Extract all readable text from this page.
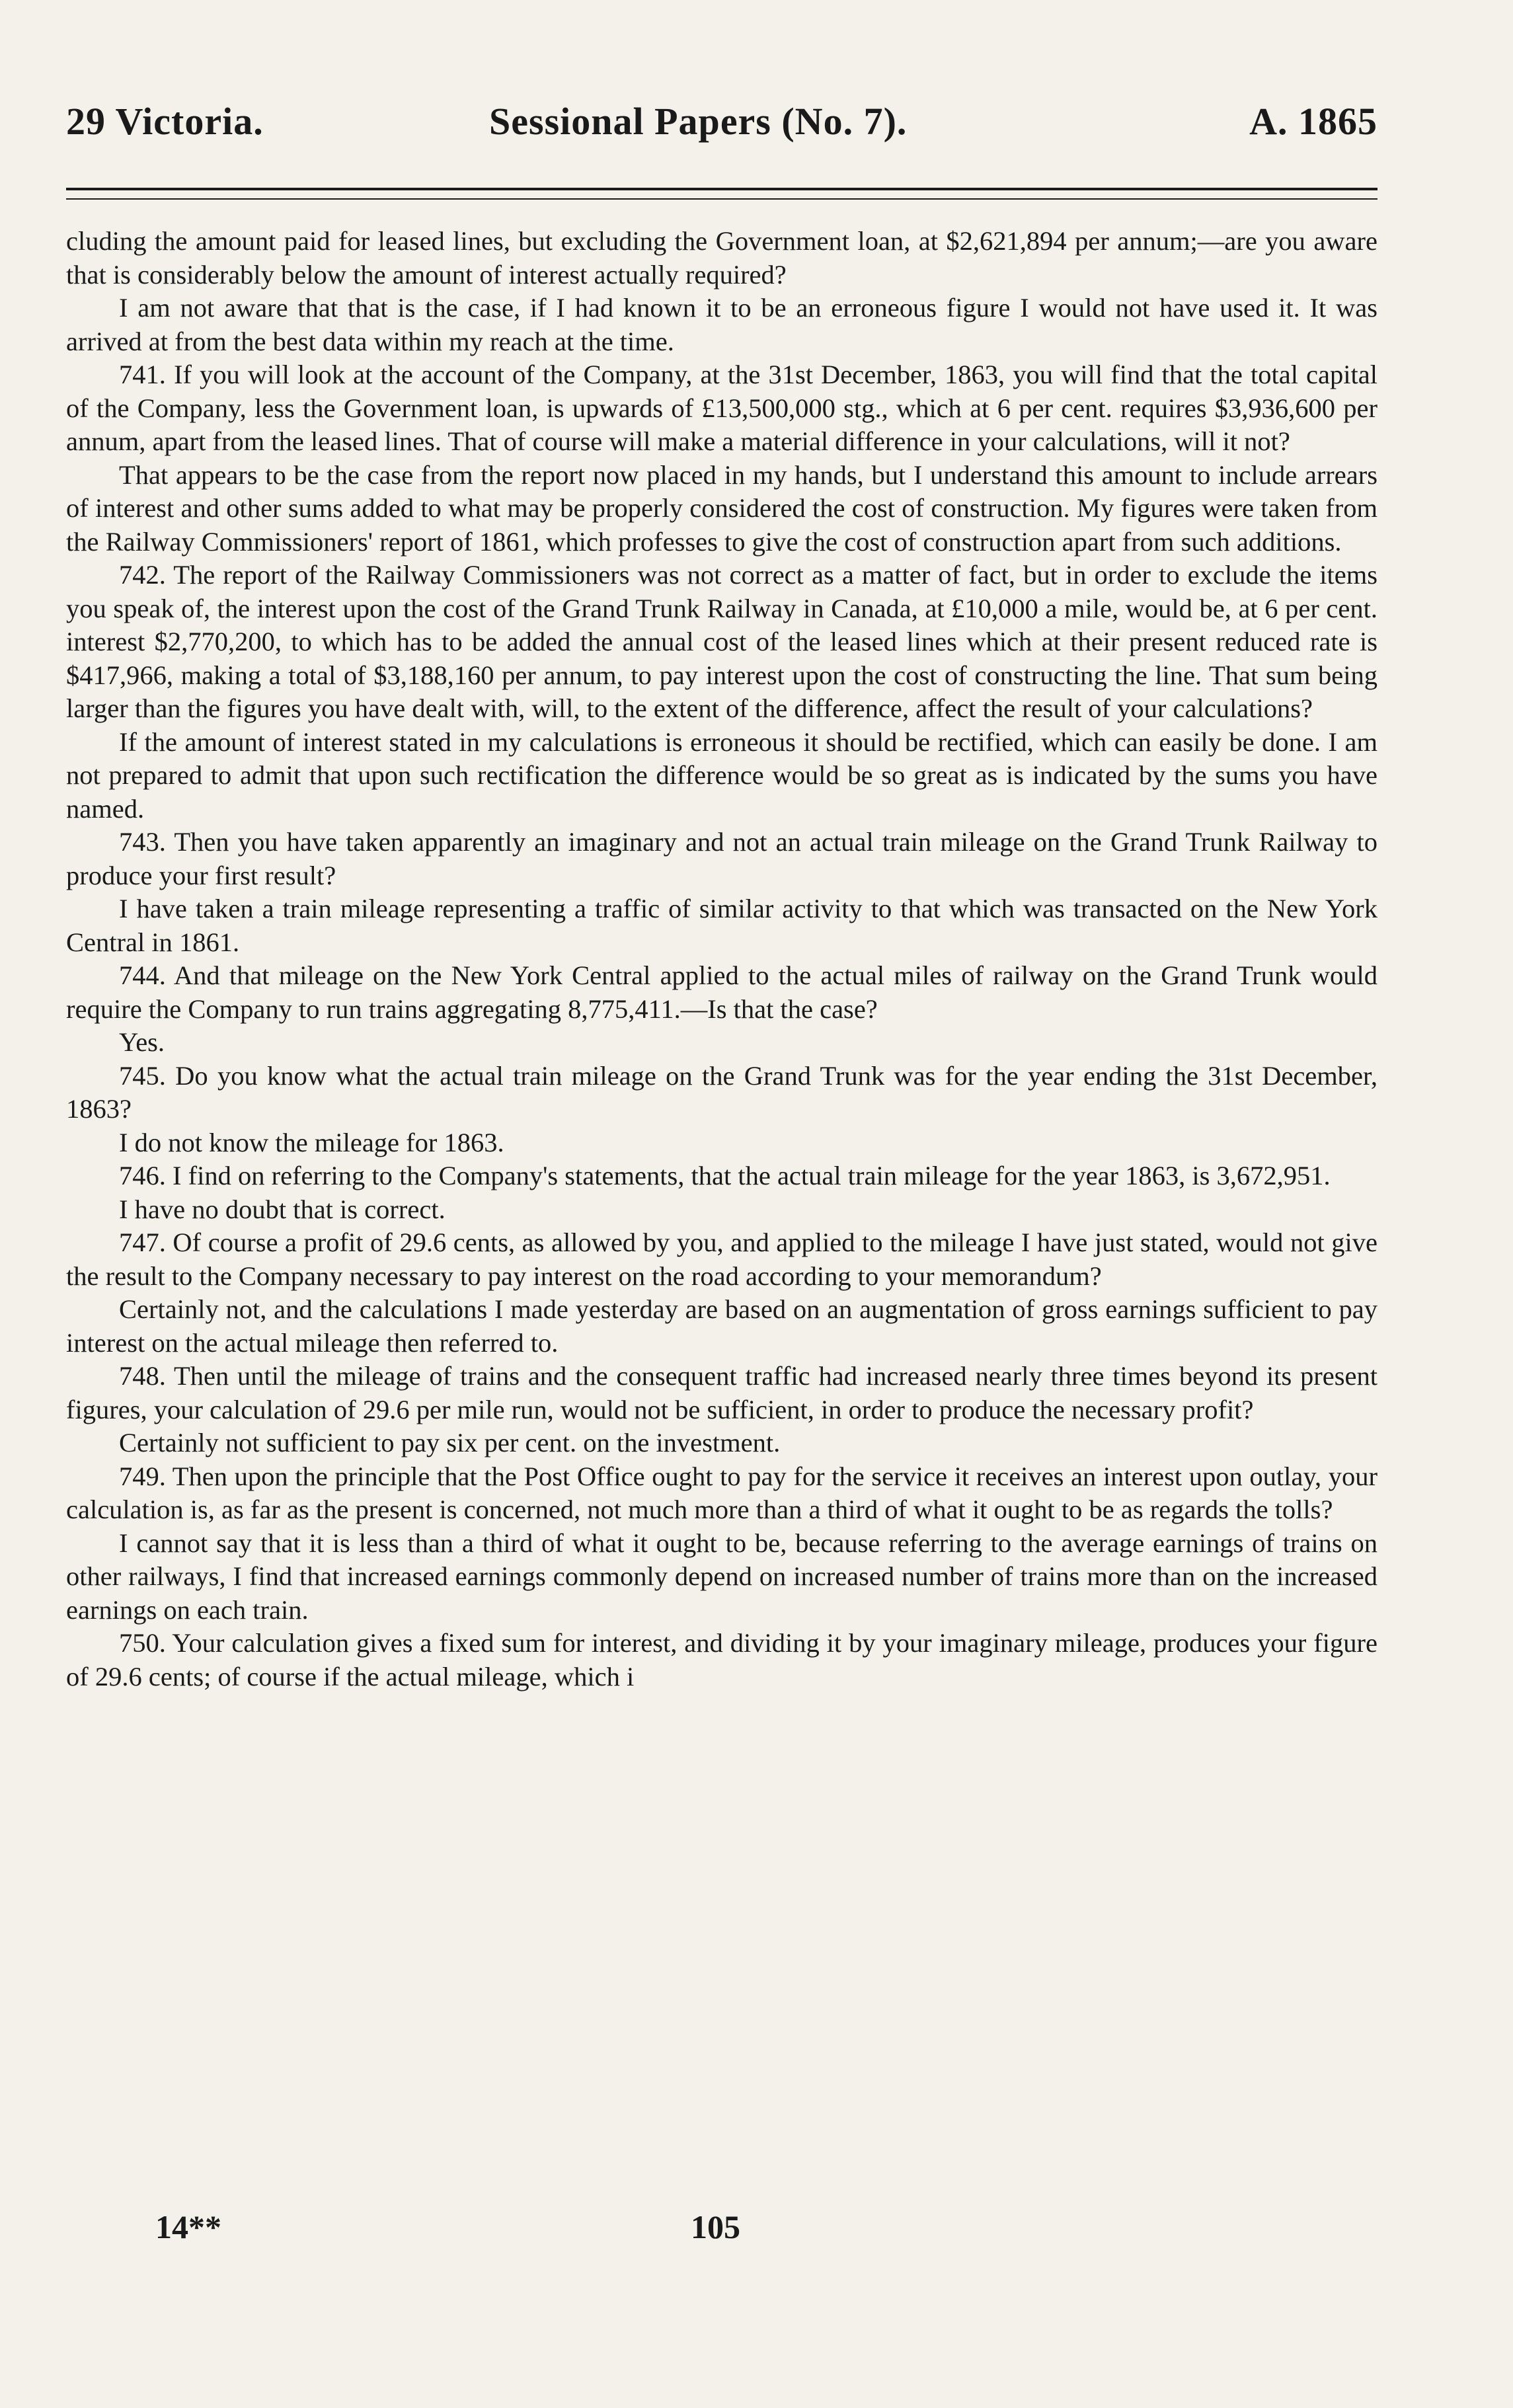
29 Victoria.	Sessional Papers (No. 7).	A. 1865

cluding the amount paid for leased lines, but excluding the Government loan, at $2,621,894 per annum;—are you aware that is considerably below the amount of interest actually required?

I am not aware that that is the case, if I had known it to be an erroneous figure I would not have used it. It was arrived at from the best data within my reach at the time.

741. If you will look at the account of the Company, at the 31st December, 1863, you will find that the total capital of the Company, less the Government loan, is upwards of £13,500,000 stg., which at 6 per cent. requires $3,936,600 per annum, apart from the leased lines. That of course will make a material difference in your calculations, will it not?

That appears to be the case from the report now placed in my hands, but I understand this amount to include arrears of interest and other sums added to what may be properly considered the cost of construction. My figures were taken from the Railway Commissioners' report of 1861, which professes to give the cost of construction apart from such additions.

742. The report of the Railway Commissioners was not correct as a matter of fact, but in order to exclude the items you speak of, the interest upon the cost of the Grand Trunk Railway in Canada, at £10,000 a mile, would be, at 6 per cent. interest $2,770,200, to which has to be added the annual cost of the leased lines which at their present reduced rate is $417,966, making a total of $3,188,160 per annum, to pay interest upon the cost of constructing the line. That sum being larger than the figures you have dealt with, will, to the extent of the difference, affect the result of your calculations?

If the amount of interest stated in my calculations is erroneous it should be rectified, which can easily be done. I am not prepared to admit that upon such rectification the difference would be so great as is indicated by the sums you have named.

743. Then you have taken apparently an imaginary and not an actual train mileage on the Grand Trunk Railway to produce your first result?

I have taken a train mileage representing a traffic of similar activity to that which was transacted on the New York Central in 1861.

744. And that mileage on the New York Central applied to the actual miles of railway on the Grand Trunk would require the Company to run trains aggregating 8,775,411.—Is that the case?

Yes.

745. Do you know what the actual train mileage on the Grand Trunk was for the year ending the 31st December, 1863?

I do not know the mileage for 1863.

746. I find on referring to the Company's statements, that the actual train mileage for the year 1863, is 3,672,951.

I have no doubt that is correct.

747. Of course a profit of 29.6 cents, as allowed by you, and applied to the mileage I have just stated, would not give the result to the Company necessary to pay interest on the road according to your memorandum?

Certainly not, and the calculations I made yesterday are based on an augmentation of gross earnings sufficient to pay interest on the actual mileage then referred to.

748. Then until the mileage of trains and the consequent traffic had increased nearly three times beyond its present figures, your calculation of 29.6 per mile run, would not be sufficient, in order to produce the necessary profit?

Certainly not sufficient to pay six per cent. on the investment.

749. Then upon the principle that the Post Office ought to pay for the service it receives an interest upon outlay, your calculation is, as far as the present is concerned, not much more than a third of what it ought to be as regards the tolls?

I cannot say that it is less than a third of what it ought to be, because referring to the average earnings of trains on other railways, I find that increased earnings commonly depend on increased number of trains more than on the increased earnings on each train.

750. Your calculation gives a fixed sum for interest, and dividing it by your imaginary mileage, produces your figure of 29.6 cents; of course if the actual mileage, which i

14**	105
